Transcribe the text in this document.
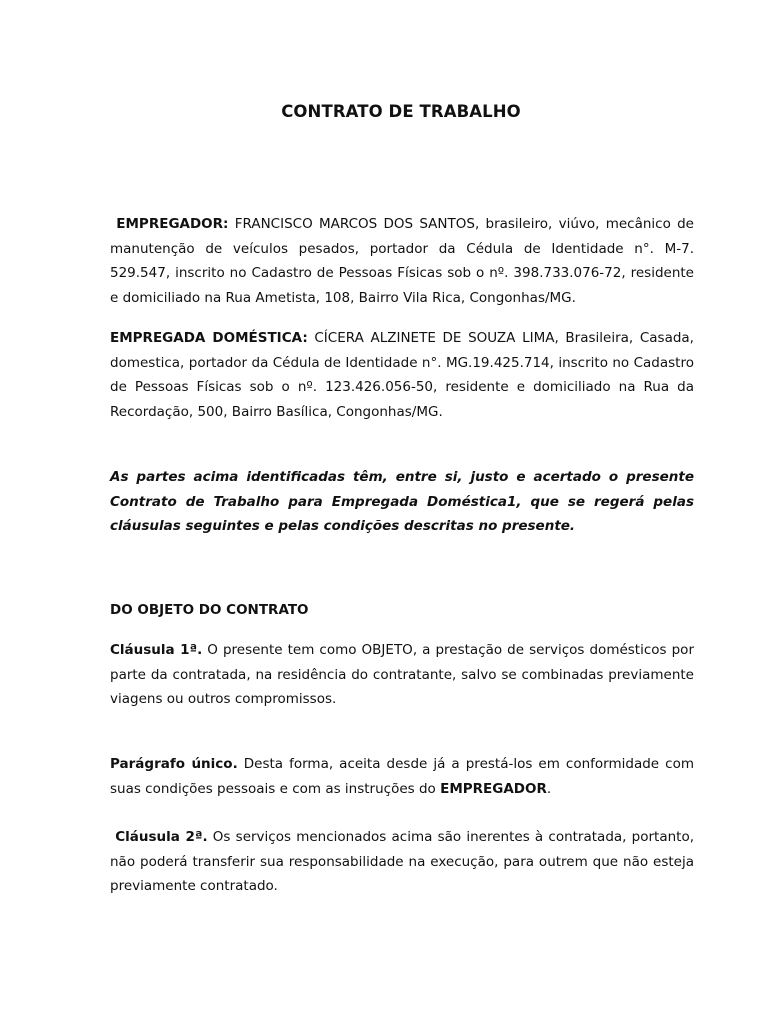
CONTRATO DE TRABALHO

EMPREGADOR: FRANCISCO MARCOS DOS SANTOS, brasileiro, viúvo, mecânico de manutenção de veículos pesados, portador da Cédula de Identidade n°. M-7. 529.547, inscrito no Cadastro de Pessoas Físicas sob o nº. 398.733.076-72, residente e domiciliado na Rua Ametista, 108, Bairro Vila Rica, Congonhas/MG.

EMPREGADA DOMÉSTICA: CÍCERA ALZINETE DE SOUZA LIMA, Brasileira, Casada, domestica, portador da Cédula de Identidade n°. MG.19.425.714, inscrito no Cadastro de Pessoas Físicas sob o nº. 123.426.056-50, residente e domiciliado na Rua da Recordação, 500, Bairro Basílica, Congonhas/MG.

As partes acima identificadas têm, entre si, justo e acertado o presente Contrato de Trabalho para Empregada Doméstica1, que se regerá pelas cláusulas seguintes e pelas condições descritas no presente.

DO OBJETO DO CONTRATO

Cláusula 1ª. O presente tem como OBJETO, a prestação de serviços domésticos por parte da contratada, na residência do contratante, salvo se combinadas previamente viagens ou outros compromissos.

Parágrafo único. Desta forma, aceita desde já a prestá-los em conformidade com suas condições pessoais e com as instruções do EMPREGADOR.

Cláusula 2ª. Os serviços mencionados acima são inerentes à contratada, portanto, não poderá transferir sua responsabilidade na execução, para outrem que não esteja previamente contratado.
